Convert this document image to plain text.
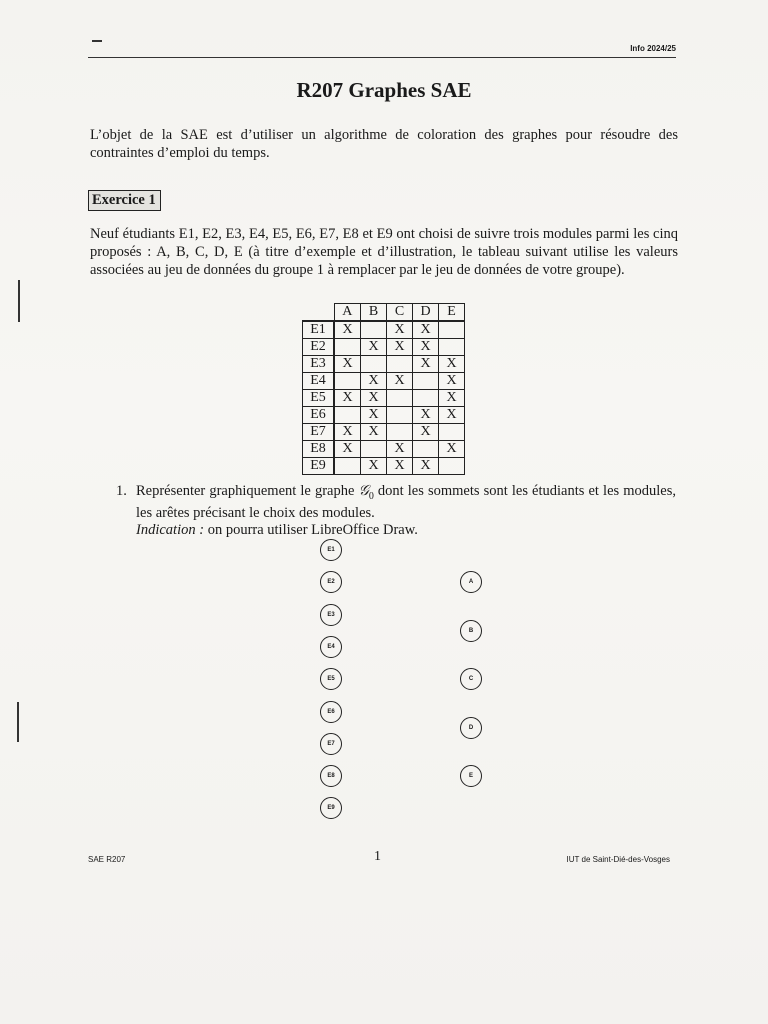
Info 2024/25
R207 Graphes SAE
L’objet de la SAE est d’utiliser un algorithme de coloration des graphes pour résoudre des contraintes d’emploi du temps.
Exercice 1
Neuf étudiants E1, E2, E3, E4, E5, E6, E7, E8 et E9 ont choisi de suivre trois modules parmi les cinq proposés : A, B, C, D, E (à titre d’exemple et d’illustration, le tableau suivant utilise les valeurs associées au jeu de données du groupe 1 à remplacer par le jeu de données de votre groupe).
	A	B	C	D	E
E1	X		X	X	
E2		X	X	X	
E3	X			X	X
E4		X	X		X
E5	X	X			X
E6		X		X	X
E7	X	X		X	
E8	X		X		X
E9		X	X	X	
1. Représenter graphiquement le graphe 𝒢$_0$ dont les sommets sont les étudiants et les modules, les arêtes précisant le choix des modules.
Indication : on pourra utiliser LibreOffice Draw.
E1
E2
E3
E4
E5
E6
E7
E8
E9
A
B
C
D
E
SAE R207	1	IUT de Saint-Dié-des-Vosges
